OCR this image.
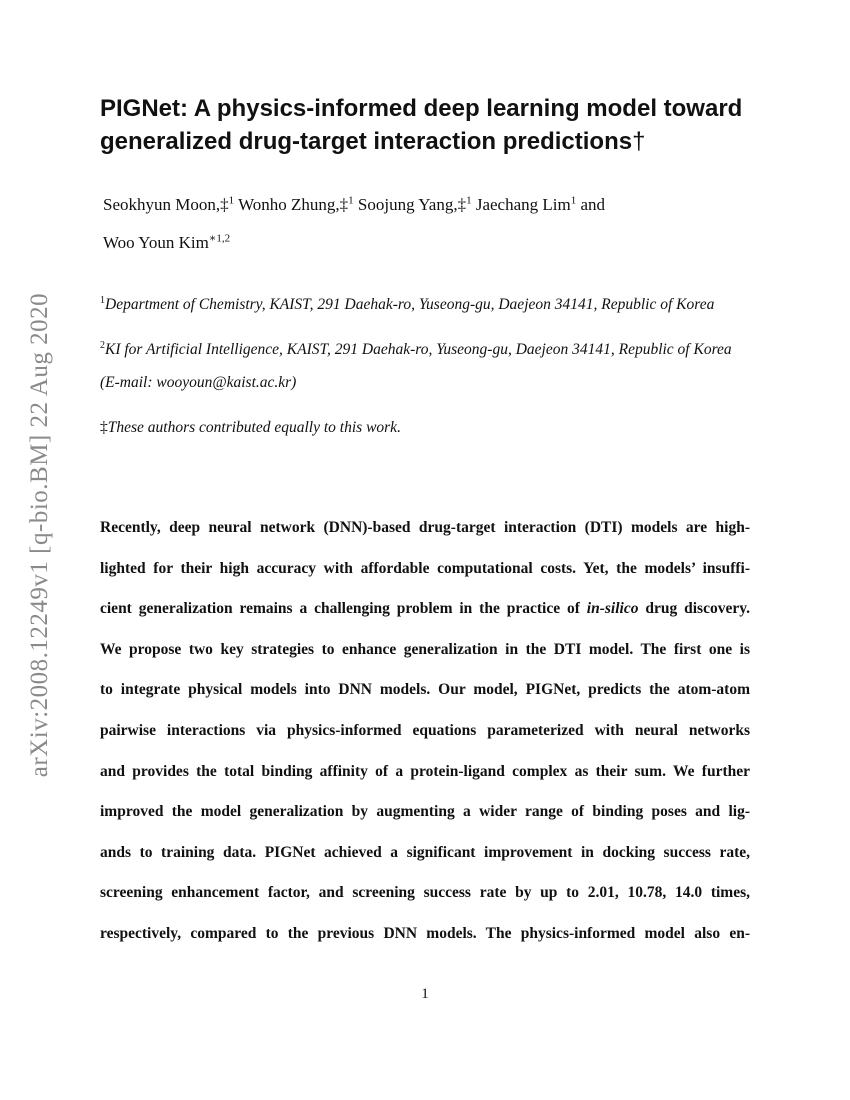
arXiv:2008.12249v1 [q-bio.BM] 22 Aug 2020
PIGNet: A physics-informed deep learning model toward
generalized drug-target interaction predictions†

Seokhyun Moon,‡$^1$ Wonho Zhung,‡$^1$ Soojung Yang,‡$^1$ Jaechang Lim$^1$ and
Woo Youn Kim$^{∗1,2}$

$^1$Department of Chemistry, KAIST, 291 Daehak-ro, Yuseong-gu, Daejeon 34141, Republic of Korea

$^2$KI for Artificial Intelligence, KAIST, 291 Daehak-ro, Yuseong-gu, Daejeon 34141, Republic of Korea (E-mail: wooyoun@kaist.ac.kr)

‡These authors contributed equally to this work.

Recently, deep neural network (DNN)-based drug-target interaction (DTI) models are high-
lighted for their high accuracy with affordable computational costs. Yet, the models’ insuffi-
cient generalization remains a challenging problem in the practice of in-silico drug discovery.
We propose two key strategies to enhance generalization in the DTI model. The first one is
to integrate physical models into DNN models. Our model, PIGNet, predicts the atom-atom
pairwise interactions via physics-informed equations parameterized with neural networks
and provides the total binding affinity of a protein-ligand complex as their sum. We further
improved the model generalization by augmenting a wider range of binding poses and lig-
ands to training data. PIGNet achieved a significant improvement in docking success rate,
screening enhancement factor, and screening success rate by up to 2.01, 10.78, 14.0 times,
respectively, compared to the previous DNN models. The physics-informed model also en-
1
